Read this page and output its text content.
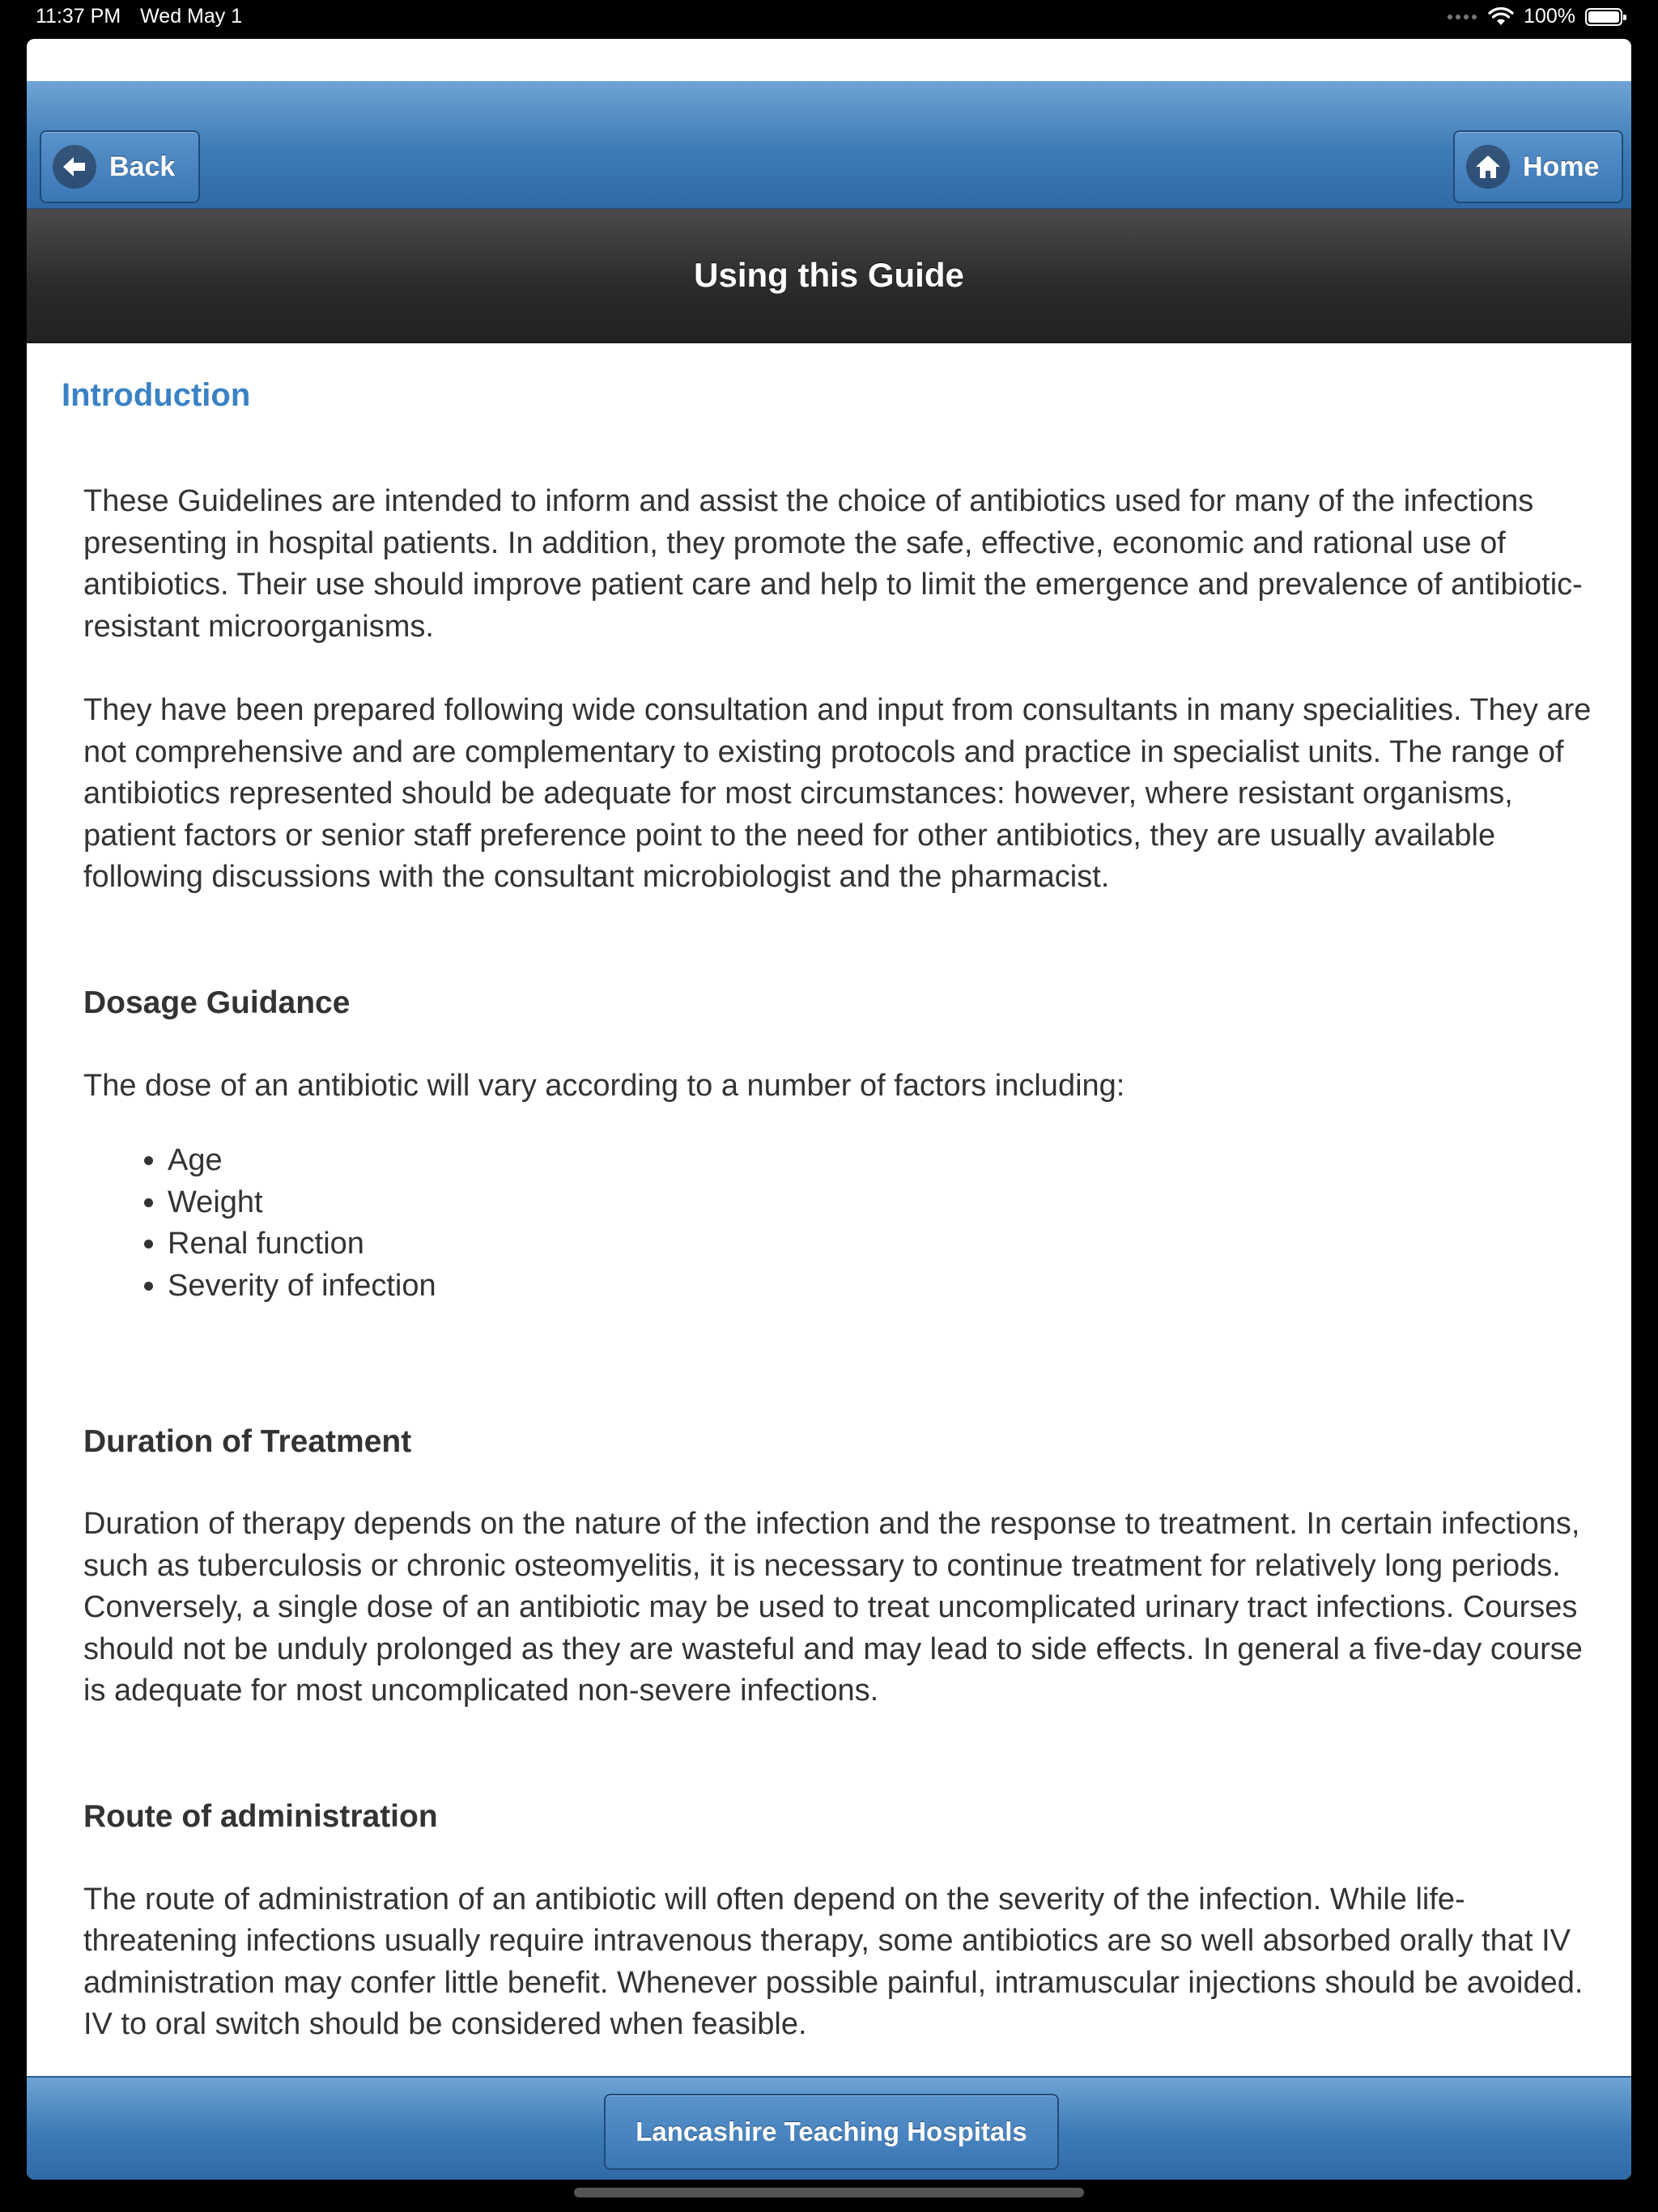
11:37 PM Wed May 1	100%
Back	Home
Using this Guide
Introduction

These Guidelines are intended to inform and assist the choice of antibiotics used for many of the infections presenting in hospital patients. In addition, they promote the safe, effective, economic and rational use of antibiotics. Their use should improve patient care and help to limit the emergence and prevalence of antibiotic-resistant microorganisms.

They have been prepared following wide consultation and input from consultants in many specialities. They are not comprehensive and are complementary to existing protocols and practice in specialist units. The range of antibiotics represented should be adequate for most circumstances: however, where resistant organisms, patient factors or senior staff preference point to the need for other antibiotics, they are usually available following discussions with the consultant microbiologist and the pharmacist.

Dosage Guidance

The dose of an antibiotic will vary according to a number of factors including:

• Age
• Weight
• Renal function
• Severity of infection
Duration of Treatment

Duration of therapy depends on the nature of the infection and the response to treatment. In certain infections, such as tuberculosis or chronic osteomyelitis, it is necessary to continue treatment for relatively long periods. Conversely, a single dose of an antibiotic may be used to treat uncomplicated urinary tract infections. Courses should not be unduly prolonged as they are wasteful and may lead to side effects. In general a five-day course is adequate for most uncomplicated non-severe infections.

Route of administration

The route of administration of an antibiotic will often depend on the severity of the infection. While life-threatening infections usually require intravenous therapy, some antibiotics are so well absorbed orally that IV administration may confer little benefit. Whenever possible painful, intramuscular injections should be avoided. IV to oral switch should be considered when feasible.

Lancashire Teaching Hospitals
